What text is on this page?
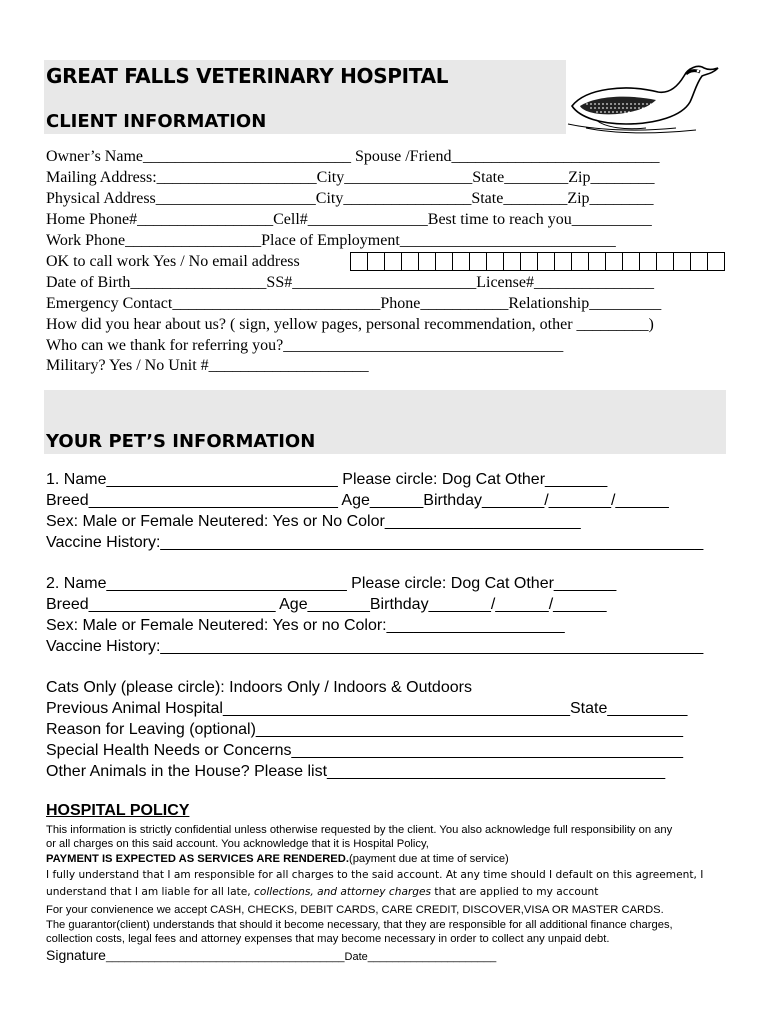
GREAT FALLS VETERINARY HOSPITAL
CLIENT INFORMATION
Owner’s Name__________________________ Spouse /Friend__________________________
Mailing Address:____________________City________________State________Zip________
Physical Address____________________City________________State________Zip________
Home Phone#_________________Cell#_______________Best time to reach you__________
Work Phone_________________Place of Employment___________________________
OK to call work Yes / No email address
Date of Birth_________________SS#_______________________License#_______________
Emergency Contact__________________________Phone___________Relationship_________
How did you hear about us? ( sign, yellow pages, personal recommendation, other _________)
Who can we thank for referring you?___________________________________
Military? Yes / No Unit #____________________
YOUR PET’S INFORMATION
1. Name__________________________ Please circle: Dog Cat Other_______
Breed____________________________ Age______Birthday_______/_______/______
Sex: Male or Female Neutered: Yes or No Color______________________
Vaccine History:_____________________________________________________________
2. Name___________________________ Please circle: Dog Cat Other_______
Breed_____________________ Age_______Birthday_______/______/______
Sex: Male or Female Neutered: Yes or no Color:____________________
Vaccine History:_____________________________________________________________
Cats Only (please circle): Indoors Only / Indoors & Outdoors
Previous Animal Hospital_______________________________________State_________
Reason for Leaving (optional)________________________________________________
Special Health Needs or Concerns____________________________________________
Other Animals in the House? Please list______________________________________
HOSPITAL POLICY
This information is strictly confidential unless otherwise requested by the client. You also acknowledge full responsibility on any
or all charges on this said account. You acknowledge that it is Hospital Policy,
PAYMENT IS EXPECTED AS SERVICES ARE RENDERED.(payment due at time of service)
I fully understand that I am responsible for all charges to the said account. At any time should I default on this agreement, I
understand that I am liable for all late, collections, and attorney charges that are applied to my account
For your convienence we accept CASH, CHECKS, DEBIT CARDS, CARE CREDIT, DISCOVER,VISA OR MASTER CARDS.
The guarantor(client) understands that should it become necessary, that they are responsible for all additional finance charges,
collection costs, legal fees and attorney expenses that may become necessary in order to collect any unpaid debt.
Signature_______________________________________Date_____________________
